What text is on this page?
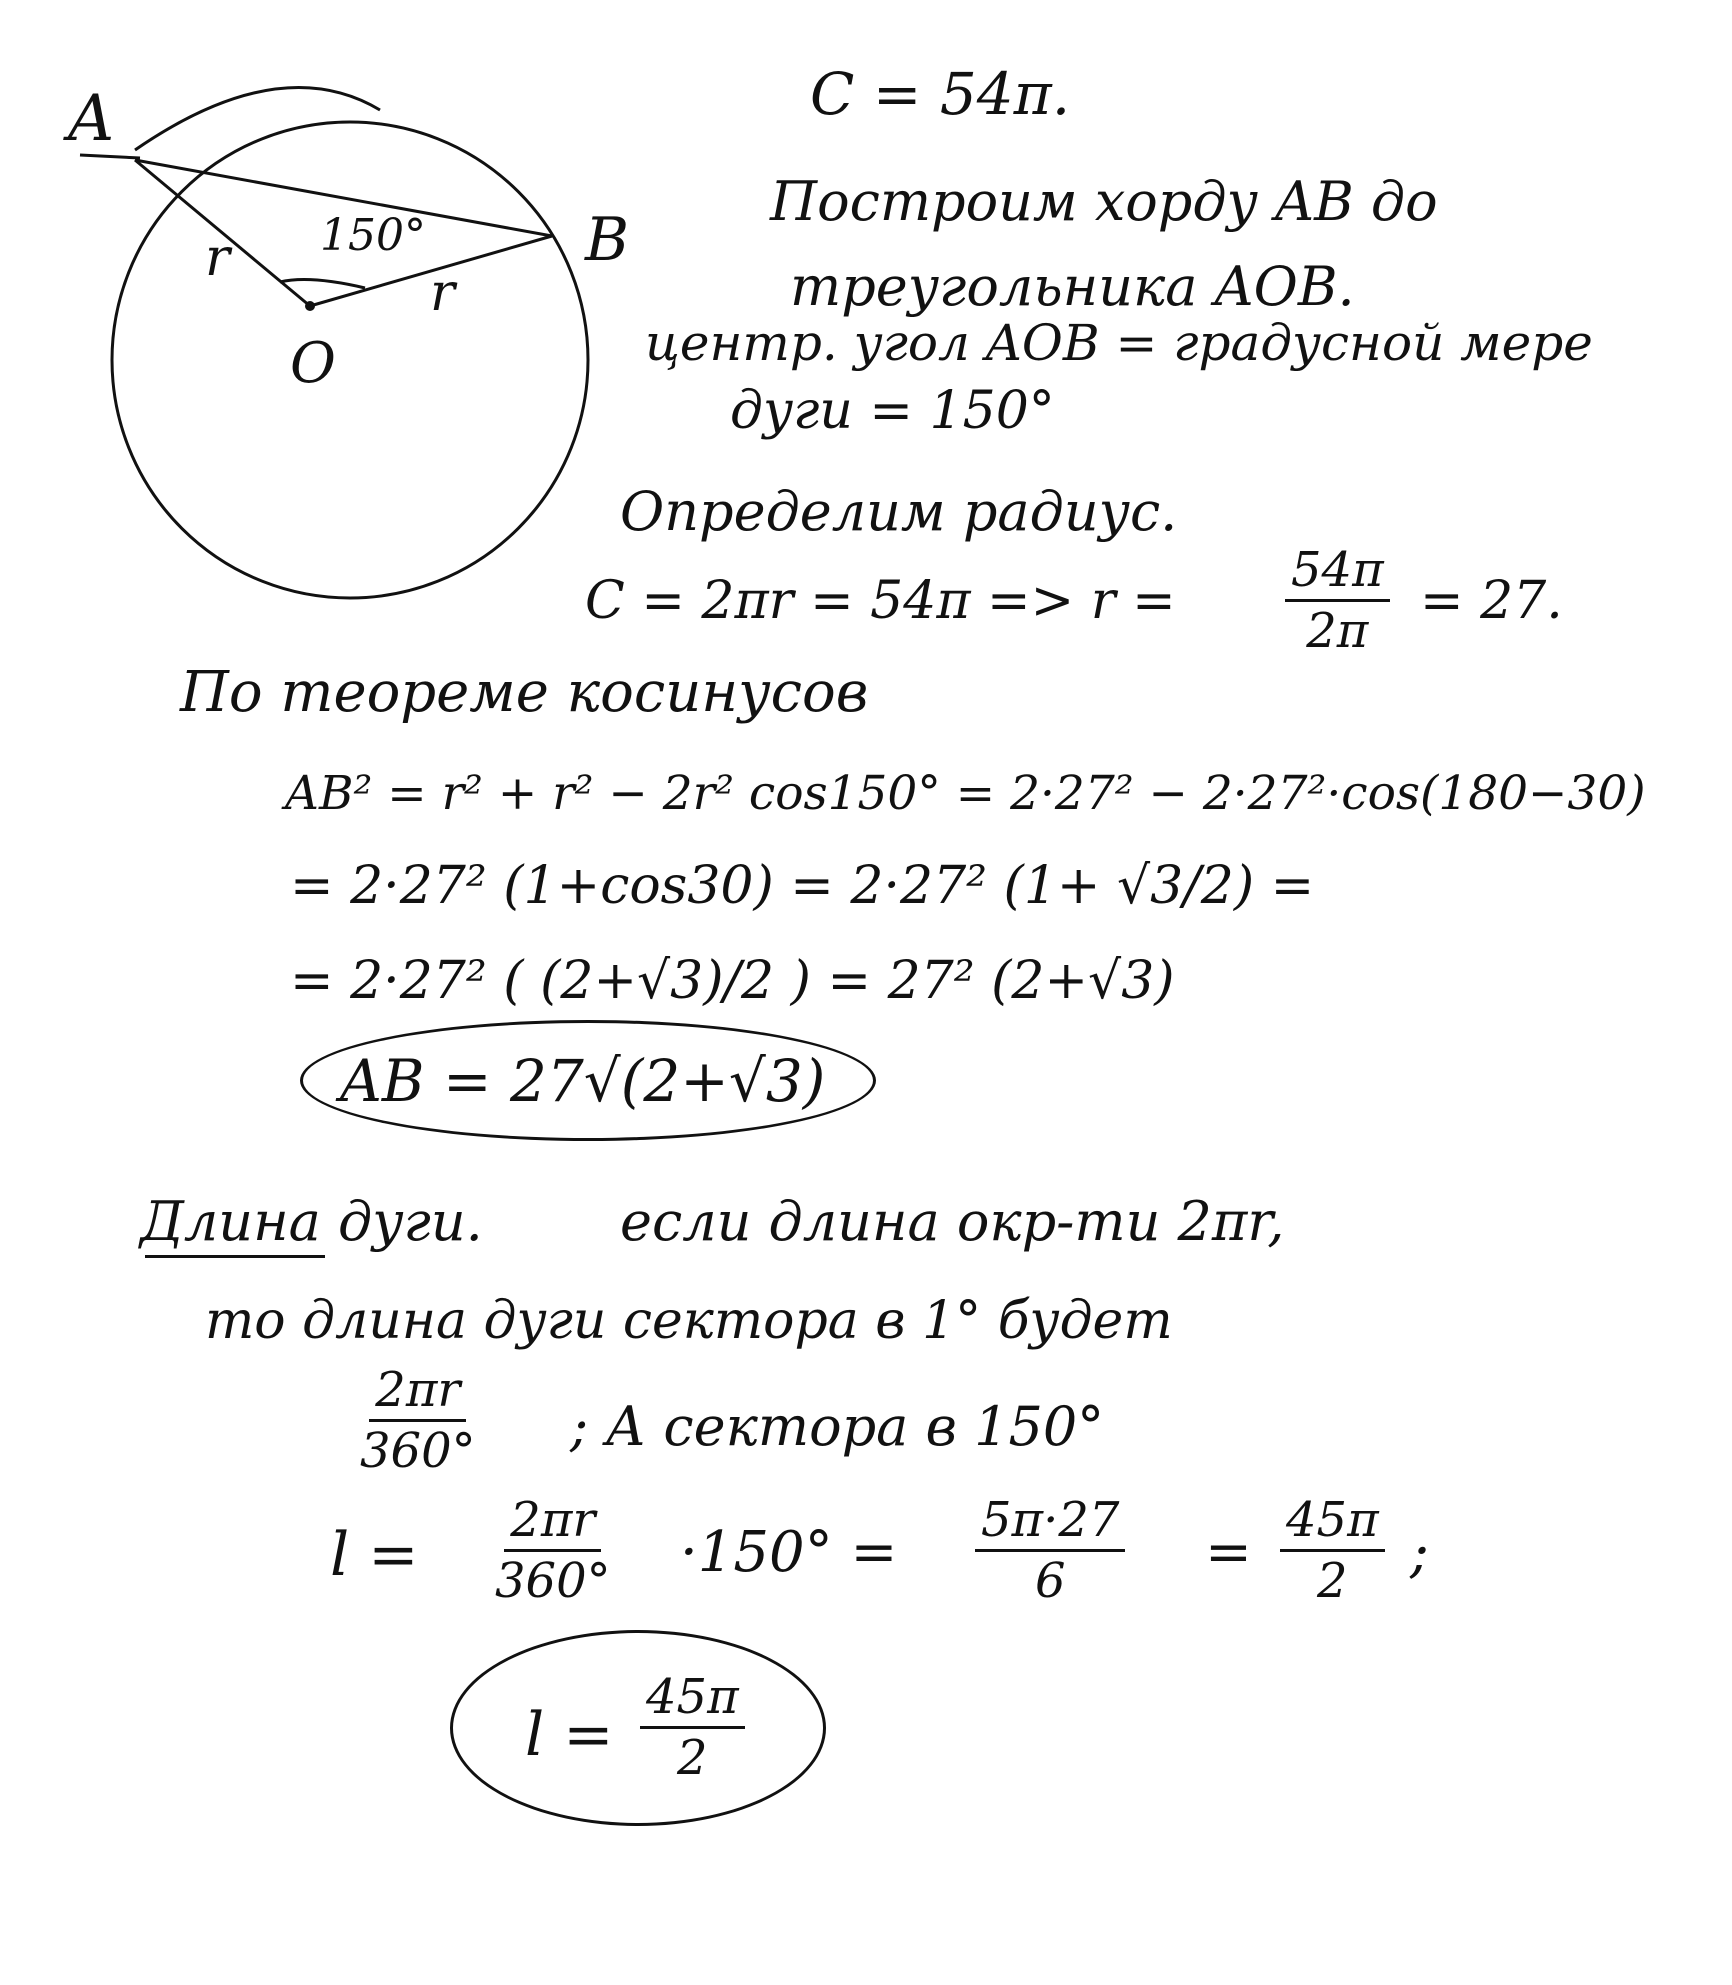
A
B
O
r
r
150°
C = 54π.
Построим хорду AB до
треугольника AOB.
центр. угол AOB = градусной мере
дуги = 150°
Определим радиус.
$C = 2\pi r = 54\pi => r = \frac{54\pi}{2\pi} = 27$.
По теореме косинусов
AB² = r² + r² − 2r² cos150° = 2·27² − 2·27²·cos(180−30)
= 2·27² (1+cos30) = 2·27² (1+ √3/2) =
= 2·27² ( (2+√3)/2 ) = 27² (2+√3)
AB = 27√(2+√3)
Длина дуги.	если длина окр-ти 2πr,
то длина дуги сектора в 1° будет
$\frac{2\pi r}{360^\circ}$ ; А сектора в 150°
$l = \frac{2\pi r}{360^\circ} \cdot 150^\circ = \frac{5\pi\cdot 27}{6} = \frac{45\pi}{2}$ ;
$l = \frac{45\pi}{2}$
